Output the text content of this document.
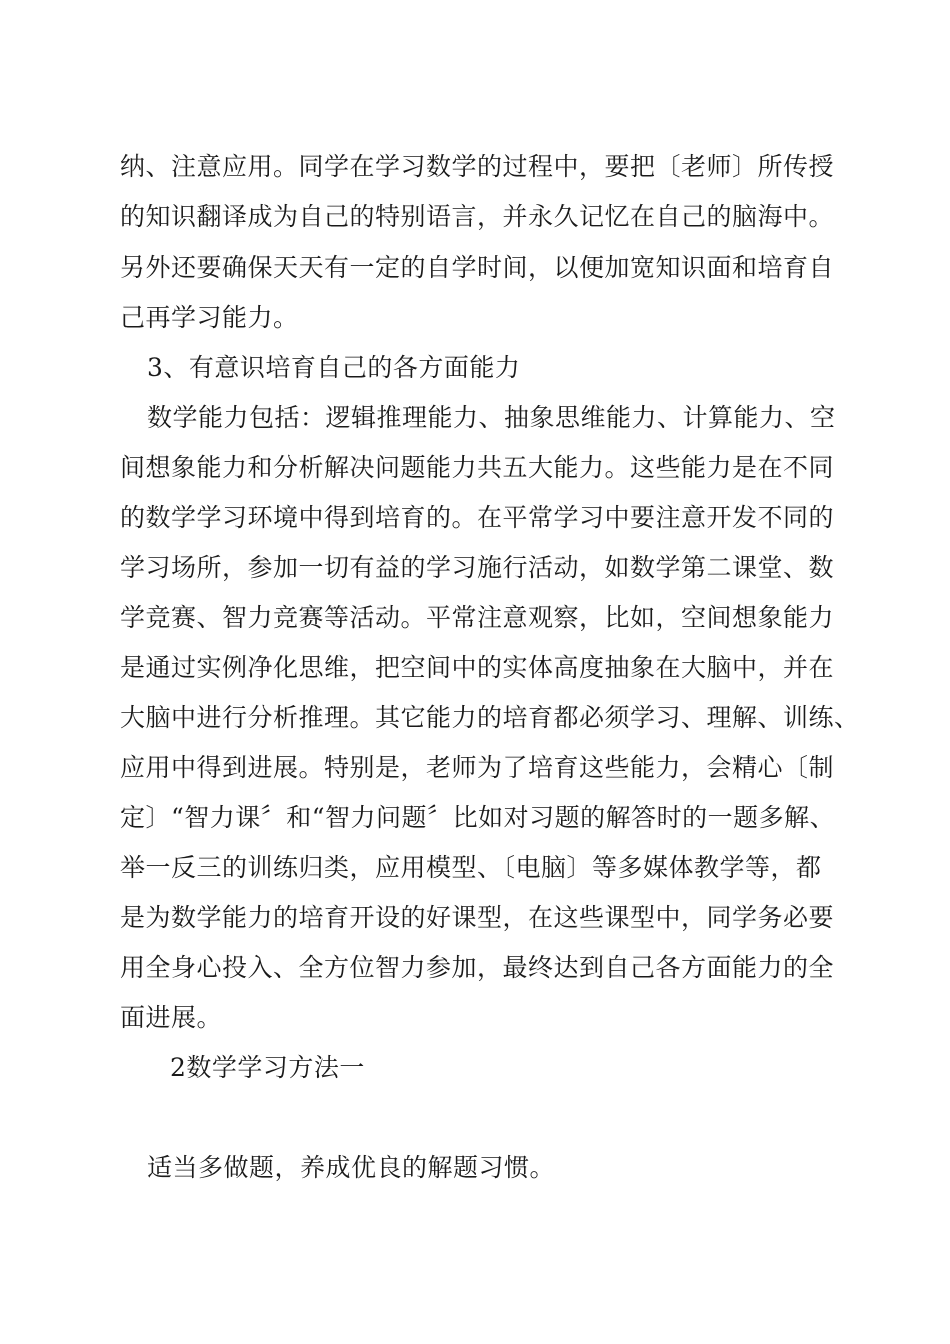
纳、注意应用。同学在学习数学的过程中，要把〔老师〕所传授
的知识翻译成为自己的特别语言，并永久记忆在自己的脑海中。
另外还要确保天天有一定的自学时间，以便加宽知识面和培育自
己再学习能力。
3、有意识培育自己的各方面能力
数学能力包括：逻辑推理能力、抽象思维能力、计算能力、空
间想象能力和分析解决问题能力共五大能力。这些能力是在不同
的数学学习环境中得到培育的。在平常学习中要注意开发不同的
学习场所，参加一切有益的学习施行活动，如数学第二课堂、数
学竞赛、智力竞赛等活动。平常注意观察，比如，空间想象能力
是通过实例净化思维，把空间中的实体高度抽象在大脑中，并在
大脑中进行分析推理。其它能力的培育都必须学习、理解、训练、
应用中得到进展。特别是，老师为了培育这些能力，会精心〔制
定〕“智力课〞和“智力问题〞比如对习题的解答时的一题多解、
举一反三的训练归类，应用模型、〔电脑〕等多媒体教学等，都
是为数学能力的培育开设的好课型，在这些课型中，同学务必要
用全身心投入、全方位智力参加，最终达到自己各方面能力的全
面进展。
2数学学习方法一
适当多做题，养成优良的解题习惯。
